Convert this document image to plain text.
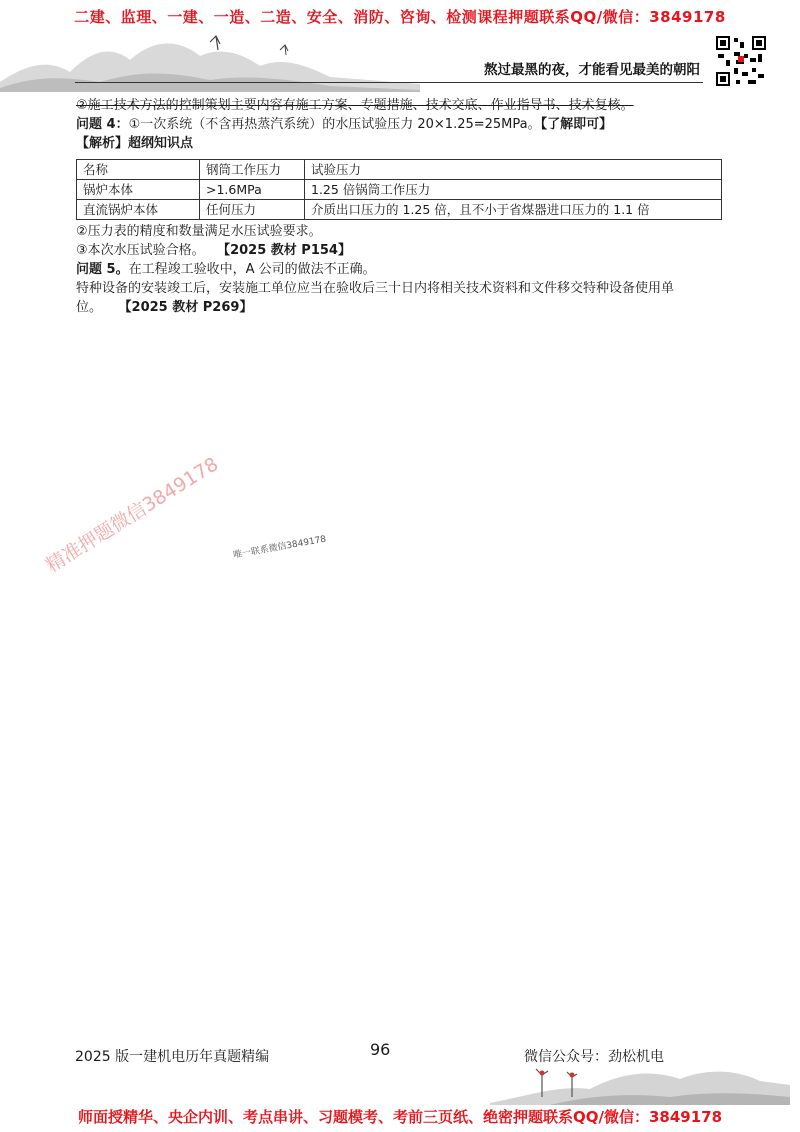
二建、监理、一建、一造、二造、安全、消防、咨询、检测课程押题联系QQ/微信：3849178
熬过最黑的夜，才能看见最美的朝阳

②施工技术方法的控制策划主要内容有施工方案、专题措施、技术交底、作业指导书、技术复核。

问题 4：①一次系统（不含再热蒸汽系统）的水压试验压力 20×1.25=25MPa。【了解即可】

【解析】超纲知识点

名称	钢筒工作压力	试验压力
锅炉本体	>1.6MPa	1.25 倍锅筒工作压力
直流锅炉本体	任何压力	介质出口压力的 1.25 倍，且不小于省煤器进口压力的 1.1 倍

②压力表的精度和数量满足水压试验要求。

③本次水压试验合格。 【2025 教材 P154】

问题 5。在工程竣工验收中，A 公司的做法不正确。

特种设备的安装竣工后，安装施工单位应当在验收后三十日内将相关技术资料和文件移交特种设备使用单

位。 【2025 教材 P269】

精准押题微信3849178 唯一联系微信3849178
2025 版一建机电历年真题精编	96	微信公众号：劲松机电
师面授精华、央企内训、考点串讲、习题模考、考前三页纸、绝密押题联系QQ/微信：3849178
